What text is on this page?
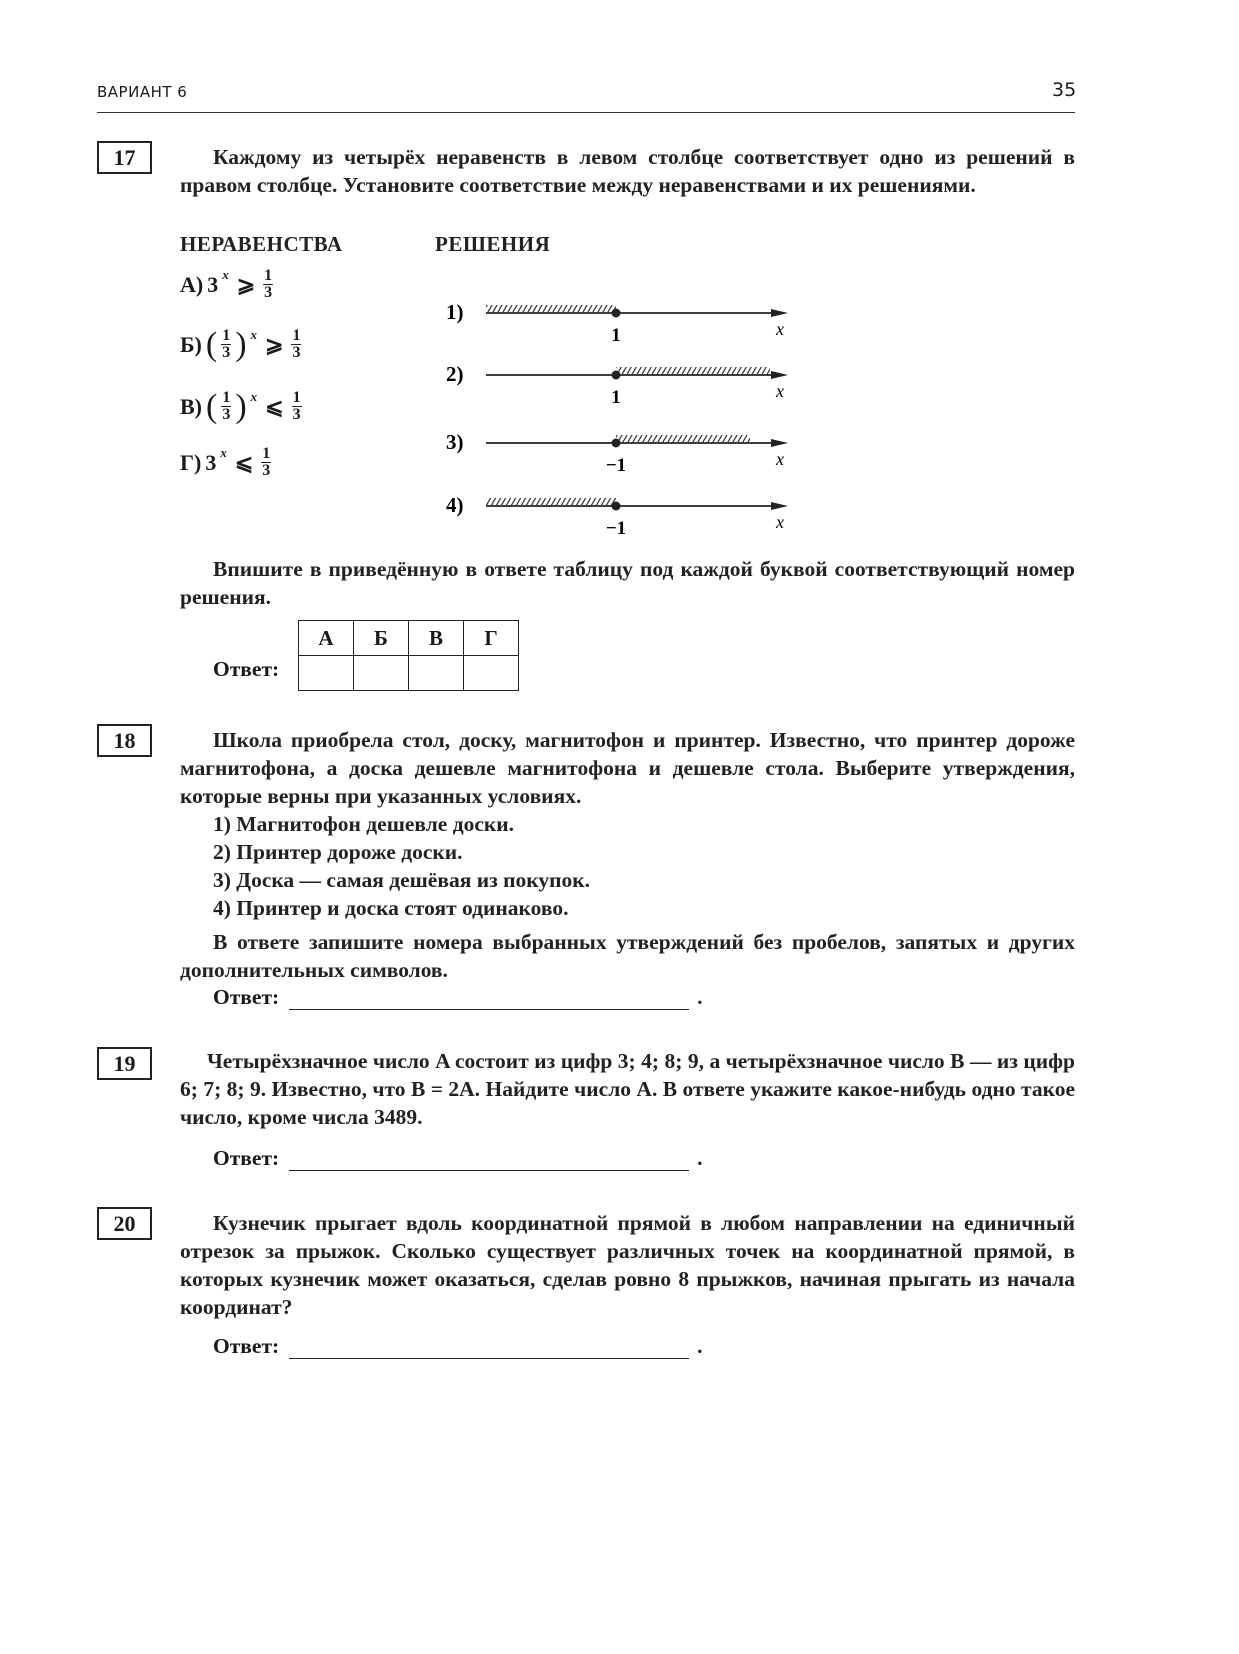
ВАРИАНТ 6	35
17	Каждому из четырёх неравенств в левом столбце соответствует одно из решений в правом столбце. Установите соответствие между неравенствами и их решениями.

НЕРАВЕНСТВА	РЕШЕНИЯ
А) 3 $^x$ ⩾ $\frac{1}{3}$
Б) ( $\frac{1}{3}$ ) $^x$ ⩾ $\frac{1}{3}$
В) ( $\frac{1}{3}$ ) $^x$ ⩽ $\frac{1}{3}$
Г) 3 $^x$ ⩽ $\frac{1}{3}$
1)
1	x
2)
1	x
3)
−1	x
4)
−1	x

Впишите в приведённую в ответе таблицу под каждой буквой соответствующий номер решения.

Ответ:
А	Б	В	Г

18	Школа приобрела стол, доску, магнитофон и принтер. Известно, что принтер дороже магнитофона, а доска дешевле магнитофона и дешевле стола. Выберите утверждения, которые верны при указанных условиях.

1) Магнитофон дешевле доски.

2) Принтер дороже доски.

3) Доска — самая дешёвая из покупок.

4) Принтер и доска стоят одинаково.

В ответе запишите номера выбранных утверждений без пробелов, запятых и других дополнительных символов.

Ответ:	.
19	Четырёхзначное число A состоит из цифр 3; 4; 8; 9, а четырёхзначное число B — из цифр 6; 7; 8; 9. Известно, что B = 2A. Найдите число A. В ответе укажите какое-нибудь одно такое число, кроме числа 3489.

Ответ:	.
20	Кузнечик прыгает вдоль координатной прямой в любом направлении на единичный отрезок за прыжок. Сколько существует различных точек на координатной прямой, в которых кузнечик может оказаться, сделав ровно 8 прыжков, начиная прыгать из начала координат?

Ответ:	.
